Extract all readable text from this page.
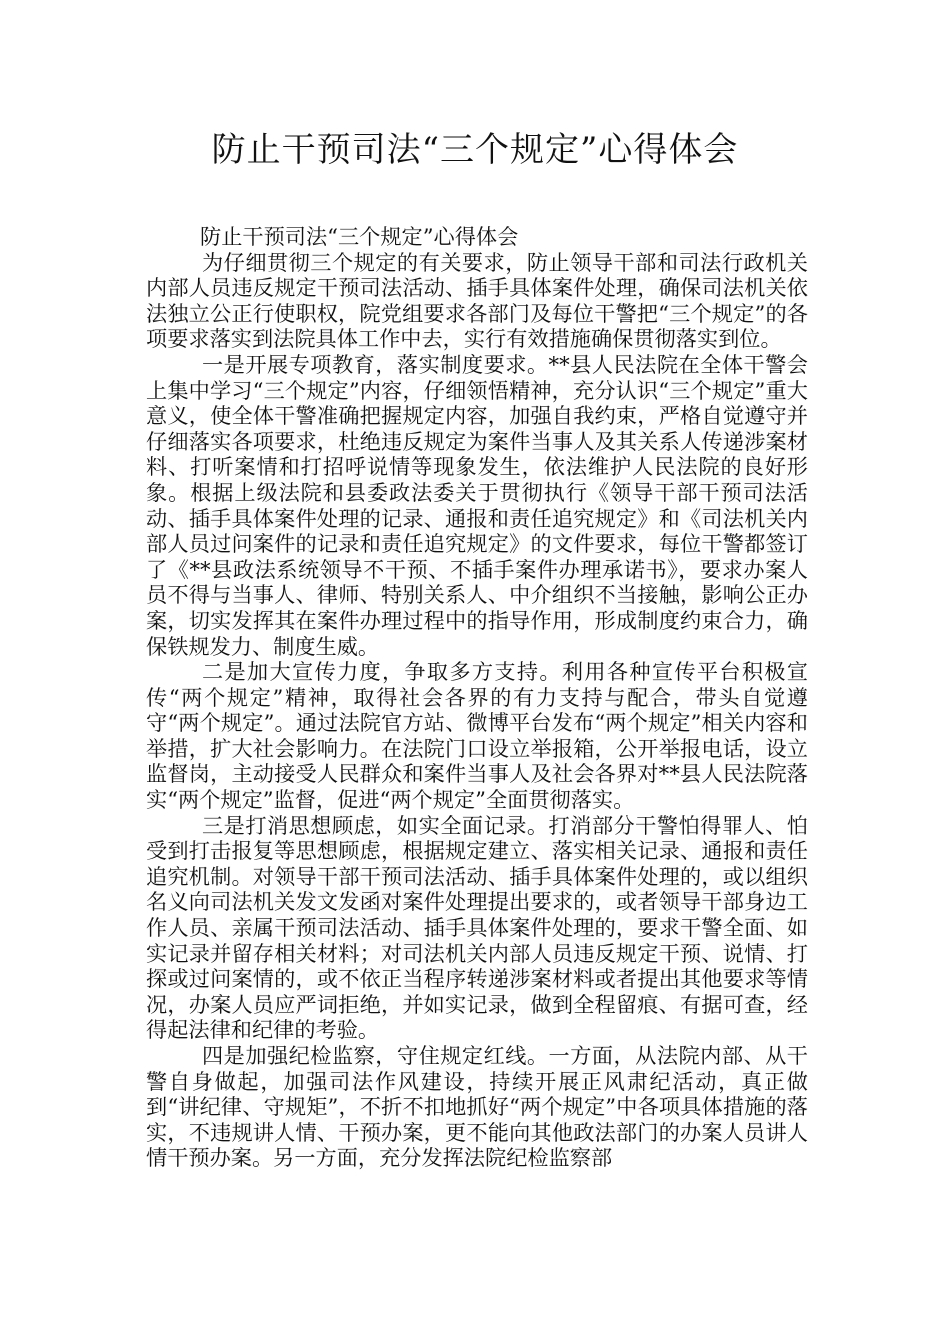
防止干预司法“三个规定”心得体会

防止干预司法“三个规定”心得体会

为仔细贯彻三个规定的有关要求，防止领导干部和司法行政机关内部人员违反规定干预司法活动、插手具体案件处理，确保司法机关依法独立公正行使职权，院党组要求各部门及每位干警把“三个规定”的各项要求落实到法院具体工作中去，实行有效措施确保贯彻落实到位。

一是开展专项教育，落实制度要求。**县人民法院在全体干警会上集中学习“三个规定”内容，仔细领悟精神，充分认识“三个规定”重大意义，使全体干警准确把握规定内容，加强自我约束，严格自觉遵守并仔细落实各项要求，杜绝违反规定为案件当事人及其关系人传递涉案材料、打听案情和打招呼说情等现象发生，依法维护人民法院的良好形象。根据上级法院和县委政法委关于贯彻执行《领导干部干预司法活动、插手具体案件处理的记录、通报和责任追究规定》和《司法机关内部人员过问案件的记录和责任追究规定》的文件要求，每位干警都签订了《**县政法系统领导不干预、不插手案件办理承诺书》，要求办案人员不得与当事人、律师、特别关系人、中介组织不当接触，影响公正办案，切实发挥其在案件办理过程中的指导作用，形成制度约束合力，确保铁规发力、制度生威。

二是加大宣传力度，争取多方支持。利用各种宣传平台积极宣传“两个规定”精神，取得社会各界的有力支持与配合，带头自觉遵守“两个规定”。通过法院官方站、微博平台发布“两个规定”相关内容和举措，扩大社会影响力。在法院门口设立举报箱，公开举报电话，设立监督岗，主动接受人民群众和案件当事人及社会各界对**县人民法院落实“两个规定”监督，促进“两个规定”全面贯彻落实。

三是打消思想顾虑，如实全面记录。打消部分干警怕得罪人、怕受到打击报复等思想顾虑，根据规定建立、落实相关记录、通报和责任追究机制。对领导干部干预司法活动、插手具体案件处理的，或以组织名义向司法机关发文发函对案件处理提出要求的，或者领导干部身边工作人员、亲属干预司法活动、插手具体案件处理的，要求干警全面、如实记录并留存相关材料；对司法机关内部人员违反规定干预、说情、打探或过问案情的，或不依正当程序转递涉案材料或者提出其他要求等情况，办案人员应严词拒绝，并如实记录，做到全程留痕、有据可查，经得起法律和纪律的考验。

四是加强纪检监察，守住规定红线。一方面，从法院内部、从干警自身做起，加强司法作风建设，持续开展正风肃纪活动，真正做到“讲纪律、守规矩”，不折不扣地抓好“两个规定”中各项具体措施的落实，不违规讲人情、干预办案，更不能向其他政法部门的办案人员讲人情干预办案。另一方面，充分发挥法院纪检监察部
